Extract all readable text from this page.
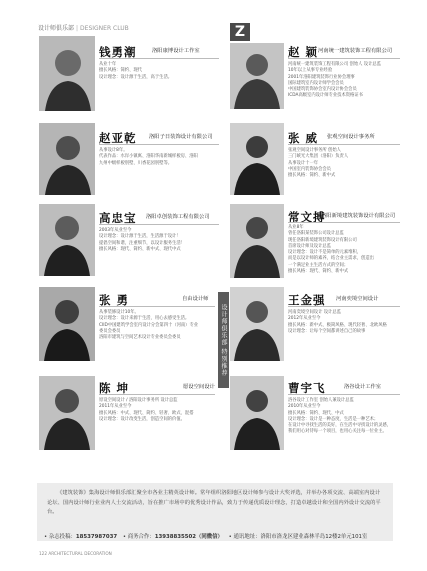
设计师俱乐部 | DESIGNER CLUB	Z
钱勇潮	洛阳康博设计工作室
从业十年
擅长风格：简约、现代
设计理念：设计源于生活，高于生活。
赵 颖 河南统一建筑装饰工程有限公司
河南统一建筑装饰工程有限公司 创始人 设计总监
10年以上从事专业经验
2001年洛阳建筑装饰行业协会理事
国际建筑室内设计师学会会员
中国建筑装饰协会室内设计协会会员
ICDA高级室内设计师专业技术资格证书
赵亚乾 洛阳子日装饰设计有限公司
从事设计8年。
代表作品：水岸小镇寓、洛阳华南新城样板房、洛阳
九州中级样板别墅、川香花园别墅等。
张 威 张观空间设计事务所
张观空间设计事务所 创始人
三门峡光大集团（洛阳）负责人
从事设计十一年
中国室内装饰协会会员
擅长风格：简约、新中式
高忠宝 洛阳卓创装饰工程有限公司
2003年从业至今
设计理念：设计源于生活，生活源于设计！
提倡空间和谐，注重细节，以设计服务生活！
擅长风格：现代、简约、新中式、现代中式
常文搏
洛阳新境建筑装饰设计有限公司
从业8年
曾任洛阳某装饰公司设计总监
现任洛阳新境建筑装饰设计有限公司
首席设计师及设计总监
设计理念：设计不是简单的元素堆积，
而是以设计师的素养，结合业主需求，创造出
一个满足业主生活方式的空间；
擅长风格：现代、简约、新中式
张 勇	自由设计师
从事装修设计10年。
设计理念：设计来源于生活，用心去感受生活。
CIID中国建筑学会室内设计分会第四十（河南）专业
委员会委员
洛阳市建筑与空间艺术设计专业委员会委员	设计师俱乐部 特别推荐
王金强 河南奕境空间设计
河南奕境空间设计 设计总监
2012年从业至今
擅长风格：新中式、极简风格、现代轻奢、北欧风格
设计理念：让每个空间都讲述自己的故事
陈 坤	愿设空间设计
原设空间设计 / 洛阳设计事务所 设计总监
2011年从业至今
擅长风格：中式、现代、简约、轻奢、欧式、混搭
设计理念：设计改变生活，创造空间的价值。
曹宇飞	洛谷设计工作室
洛谷设计工作室 创始人兼设计总监
2010年从业至今
擅长风格：简约、现代、中式
设计理念：设计是一种态度，生活是一种艺术；
在设计中寻找生活的美好，在生活中寻找设计的灵感，
我们用心对待每一个项目，也用心关注每一位业主。
《建筑装饰》集海设计师俱乐部汇聚全市各业主精英设计师。常年组织洛阳地区设计师参与设计大奖评选，并举办各项交流、高端室内设计论坛、国内设计师行业业内人士交流活动，旨在推广市场中的优秀设计作品，致力于传递优质设计理念，打造卓越设计和全国内外设计交流的平台。
• 杂志投稿：18537987037 • 商务合作：13938835502（同微信） • 通讯地址：洛阳市洛龙区建业森林半岛12楼2单元101室
122 ARCHITECTURAL DECORATION
